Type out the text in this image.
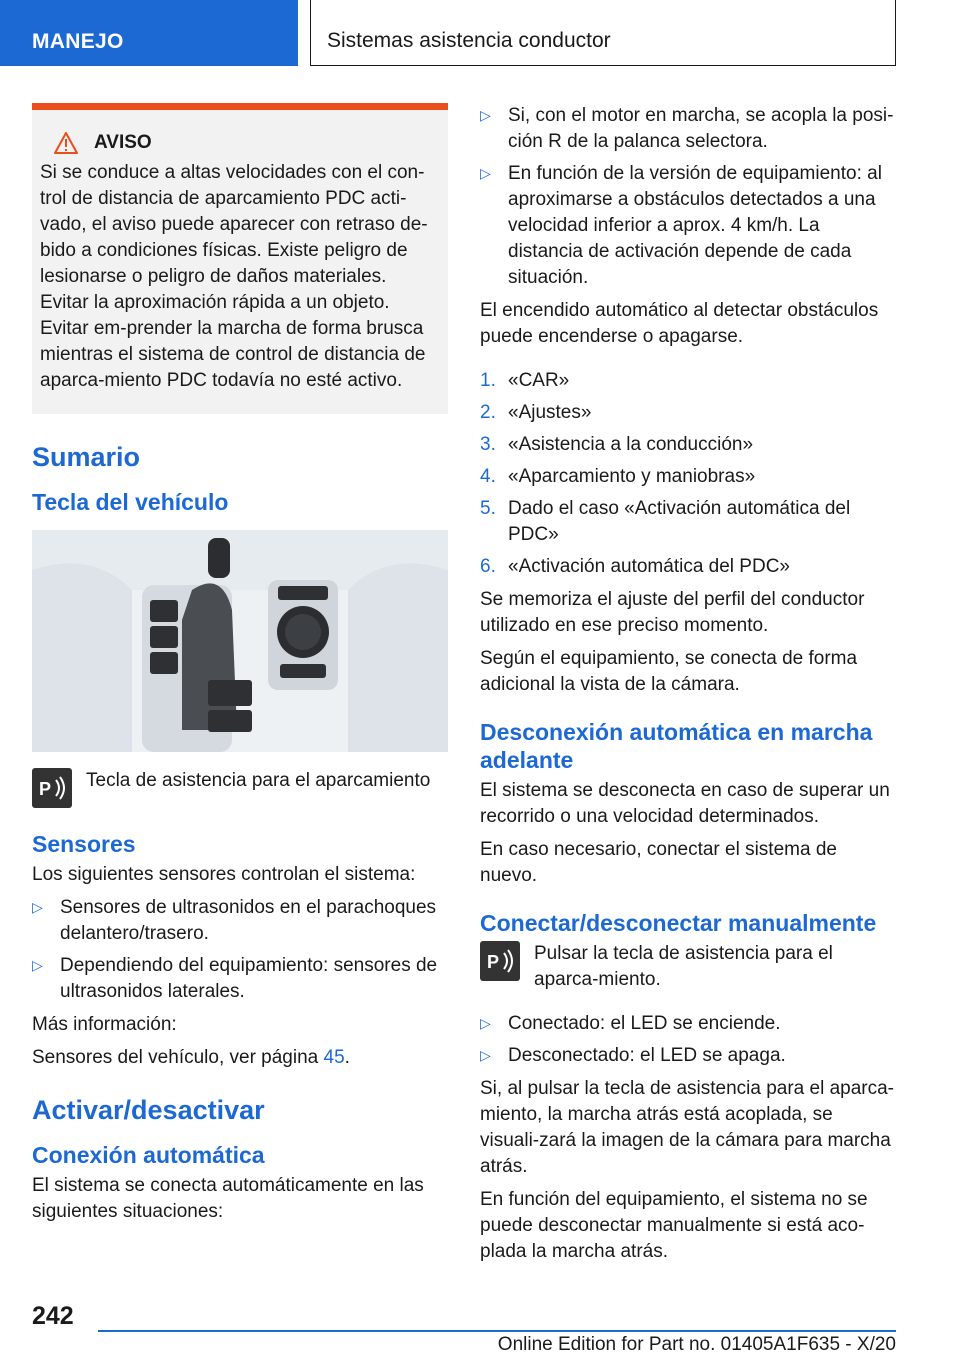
MANEJO	Sistemas asistencia conductor
AVISO

Si se conduce a altas velocidades con el con-trol de distancia de aparcamiento PDC acti-vado, el aviso puede aparecer con retraso de-bido a condiciones físicas. Existe peligro de lesionarse o peligro de daños materiales. Evitar la aproximación rápida a un objeto. Evitar em-prender la marcha de forma brusca mientras el sistema de control de distancia de aparca-miento PDC todavía no esté activo.

Sumario
Tecla del vehículo
P Tecla de asistencia para el aparcamiento
Sensores

Los siguientes sensores controlan el sistema:

▷ Sensores de ultrasonidos en el parachoques delantero/trasero.
▷ Dependiendo del equipamiento: sensores de ultrasonidos laterales.

Más información:

Sensores del vehículo, ver página 45.

Activar/desactivar
Conexión automática

El sistema se conecta automáticamente en las siguientes situaciones:

▷ Si, con el motor en marcha, se acopla la posi-ción R de la palanca selectora.
▷ En función de la versión de equipamiento: al aproximarse a obstáculos detectados a una velocidad inferior a aprox. 4 km/h. La distancia de activación depende de cada situación.

El encendido automático al detectar obstáculos puede encenderse o apagarse.

1. «CAR»
2. «Ajustes»
3. «Asistencia a la conducción»
4. «Aparcamiento y maniobras»
5. Dado el caso «Activación automática del PDC»
6. «Activación automática del PDC»

Se memoriza el ajuste del perfil del conductor utilizado en ese preciso momento.

Según el equipamiento, se conecta de forma adicional la vista de la cámara.

Desconexión automática en marcha adelante

El sistema se desconecta en caso de superar un recorrido o una velocidad determinados.

En caso necesario, conectar el sistema de nuevo.

Conectar/desconectar manualmente
P Pulsar la tecla de asistencia para el aparca-miento.
▷ Conectado: el LED se enciende.
▷ Desconectado: el LED se apaga.

Si, al pulsar la tecla de asistencia para el aparca-miento, la marcha atrás está acoplada, se visuali-zará la imagen de la cámara para marcha atrás.

En función del equipamiento, el sistema no se puede desconectar manualmente si está aco-plada la marcha atrás.

242
Online Edition for Part no. 01405A1F635 - X/20
